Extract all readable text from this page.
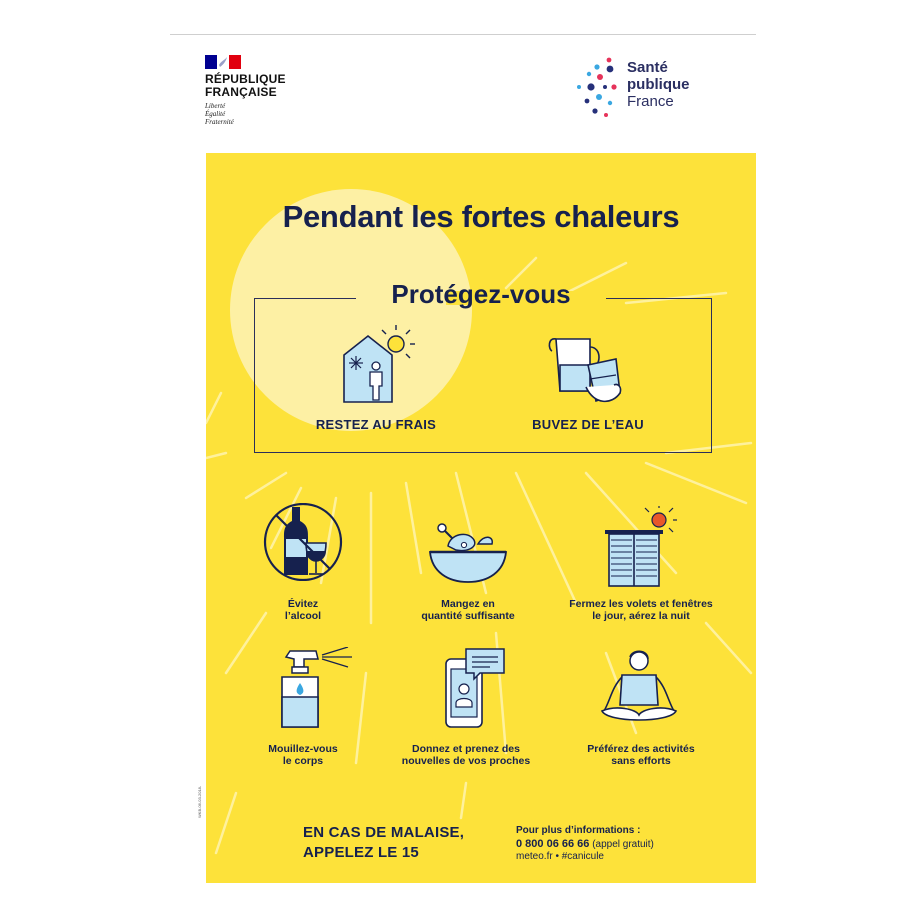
RÉPUBLIQUE
FRANÇAISE
Liberté
Égalité
Fraternité
Santé
publique
France
Pendant les fortes chaleurs
Protégez-vous
RESTEZ AU FRAIS	BUVEZ DE L’EAU
Évitez
l’alcool
Mangez en
quantité suffisante
Fermez les volets et fenêtres
le jour, aérez la nuit
Mouillez-vous
le corps
Donnez et prenez des
nouvelles de vos proches
Préférez des activités
sans efforts
EN CAS DE MALAISE,
APPELEZ LE 15
Pour plus d’informations :
0 800 06 66 66 (appel gratuit)
meteo.fr • #canicule
WKB-06-03-2018-
